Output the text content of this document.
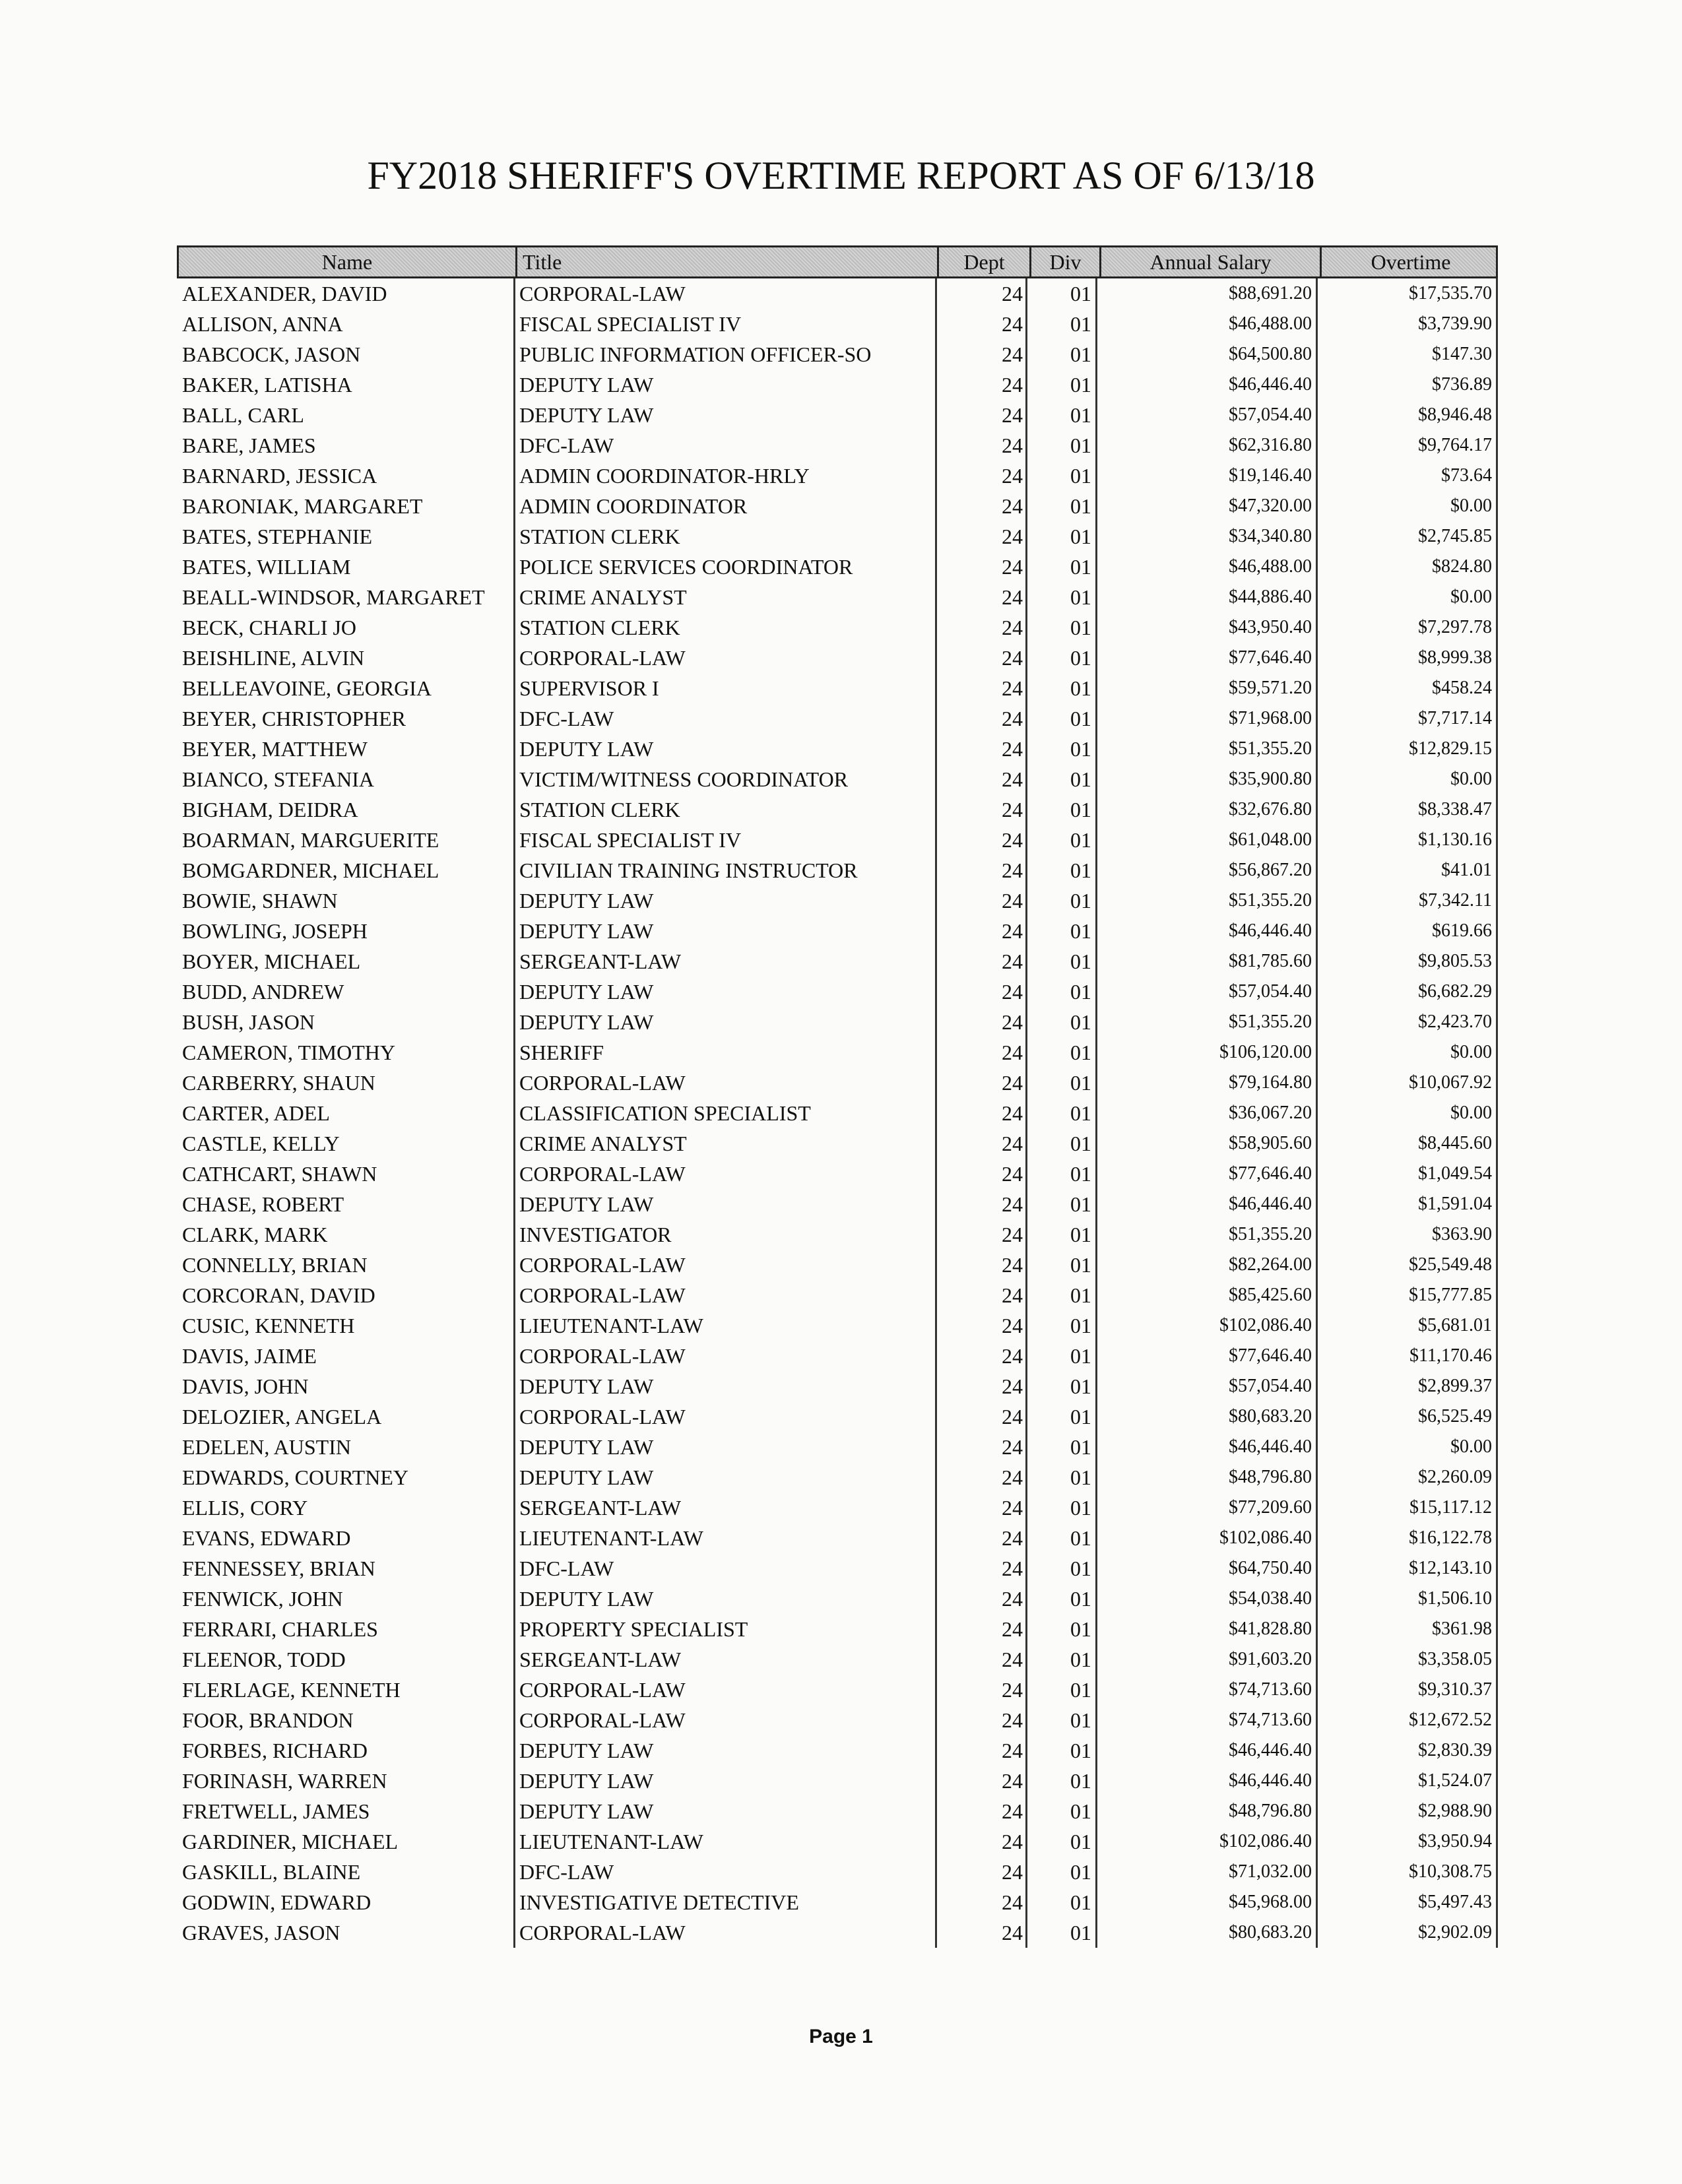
FY2018 SHERIFF'S OVERTIME REPORT AS OF 6/13/18
Name	Title	Dept	Div	Annual Salary	Overtime
ALEXANDER, DAVID	CORPORAL-LAW	24	01	$88,691.20	$17,535.70
ALLISON, ANNA	FISCAL SPECIALIST IV	24	01	$46,488.00	$3,739.90
BABCOCK, JASON	PUBLIC INFORMATION OFFICER-SO	24	01	$64,500.80	$147.30
BAKER, LATISHA	DEPUTY LAW	24	01	$46,446.40	$736.89
BALL, CARL	DEPUTY LAW	24	01	$57,054.40	$8,946.48
BARE, JAMES	DFC-LAW	24	01	$62,316.80	$9,764.17
BARNARD, JESSICA	ADMIN COORDINATOR-HRLY	24	01	$19,146.40	$73.64
BARONIAK, MARGARET	ADMIN COORDINATOR	24	01	$47,320.00	$0.00
BATES, STEPHANIE	STATION CLERK	24	01	$34,340.80	$2,745.85
BATES, WILLIAM	POLICE SERVICES COORDINATOR	24	01	$46,488.00	$824.80
BEALL-WINDSOR, MARGARET	CRIME ANALYST	24	01	$44,886.40	$0.00
BECK, CHARLI JO	STATION CLERK	24	01	$43,950.40	$7,297.78
BEISHLINE, ALVIN	CORPORAL-LAW	24	01	$77,646.40	$8,999.38
BELLEAVOINE, GEORGIA	SUPERVISOR I	24	01	$59,571.20	$458.24
BEYER, CHRISTOPHER	DFC-LAW	24	01	$71,968.00	$7,717.14
BEYER, MATTHEW	DEPUTY LAW	24	01	$51,355.20	$12,829.15
BIANCO, STEFANIA	VICTIM/WITNESS COORDINATOR	24	01	$35,900.80	$0.00
BIGHAM, DEIDRA	STATION CLERK	24	01	$32,676.80	$8,338.47
BOARMAN, MARGUERITE	FISCAL SPECIALIST IV	24	01	$61,048.00	$1,130.16
BOMGARDNER, MICHAEL	CIVILIAN TRAINING INSTRUCTOR	24	01	$56,867.20	$41.01
BOWIE, SHAWN	DEPUTY LAW	24	01	$51,355.20	$7,342.11
BOWLING, JOSEPH	DEPUTY LAW	24	01	$46,446.40	$619.66
BOYER, MICHAEL	SERGEANT-LAW	24	01	$81,785.60	$9,805.53
BUDD, ANDREW	DEPUTY LAW	24	01	$57,054.40	$6,682.29
BUSH, JASON	DEPUTY LAW	24	01	$51,355.20	$2,423.70
CAMERON, TIMOTHY	SHERIFF	24	01	$106,120.00	$0.00
CARBERRY, SHAUN	CORPORAL-LAW	24	01	$79,164.80	$10,067.92
CARTER, ADEL	CLASSIFICATION SPECIALIST	24	01	$36,067.20	$0.00
CASTLE, KELLY	CRIME ANALYST	24	01	$58,905.60	$8,445.60
CATHCART, SHAWN	CORPORAL-LAW	24	01	$77,646.40	$1,049.54
CHASE, ROBERT	DEPUTY LAW	24	01	$46,446.40	$1,591.04
CLARK, MARK	INVESTIGATOR	24	01	$51,355.20	$363.90
CONNELLY, BRIAN	CORPORAL-LAW	24	01	$82,264.00	$25,549.48
CORCORAN, DAVID	CORPORAL-LAW	24	01	$85,425.60	$15,777.85
CUSIC, KENNETH	LIEUTENANT-LAW	24	01	$102,086.40	$5,681.01
DAVIS, JAIME	CORPORAL-LAW	24	01	$77,646.40	$11,170.46
DAVIS, JOHN	DEPUTY LAW	24	01	$57,054.40	$2,899.37
DELOZIER, ANGELA	CORPORAL-LAW	24	01	$80,683.20	$6,525.49
EDELEN, AUSTIN	DEPUTY LAW	24	01	$46,446.40	$0.00
EDWARDS, COURTNEY	DEPUTY LAW	24	01	$48,796.80	$2,260.09
ELLIS, CORY	SERGEANT-LAW	24	01	$77,209.60	$15,117.12
EVANS, EDWARD	LIEUTENANT-LAW	24	01	$102,086.40	$16,122.78
FENNESSEY, BRIAN	DFC-LAW	24	01	$64,750.40	$12,143.10
FENWICK, JOHN	DEPUTY LAW	24	01	$54,038.40	$1,506.10
FERRARI, CHARLES	PROPERTY SPECIALIST	24	01	$41,828.80	$361.98
FLEENOR, TODD	SERGEANT-LAW	24	01	$91,603.20	$3,358.05
FLERLAGE, KENNETH	CORPORAL-LAW	24	01	$74,713.60	$9,310.37
FOOR, BRANDON	CORPORAL-LAW	24	01	$74,713.60	$12,672.52
FORBES, RICHARD	DEPUTY LAW	24	01	$46,446.40	$2,830.39
FORINASH, WARREN	DEPUTY LAW	24	01	$46,446.40	$1,524.07
FRETWELL, JAMES	DEPUTY LAW	24	01	$48,796.80	$2,988.90
GARDINER, MICHAEL	LIEUTENANT-LAW	24	01	$102,086.40	$3,950.94
GASKILL, BLAINE	DFC-LAW	24	01	$71,032.00	$10,308.75
GODWIN, EDWARD	INVESTIGATIVE DETECTIVE	24	01	$45,968.00	$5,497.43
GRAVES, JASON	CORPORAL-LAW	24	01	$80,683.20	$2,902.09
Page 1
